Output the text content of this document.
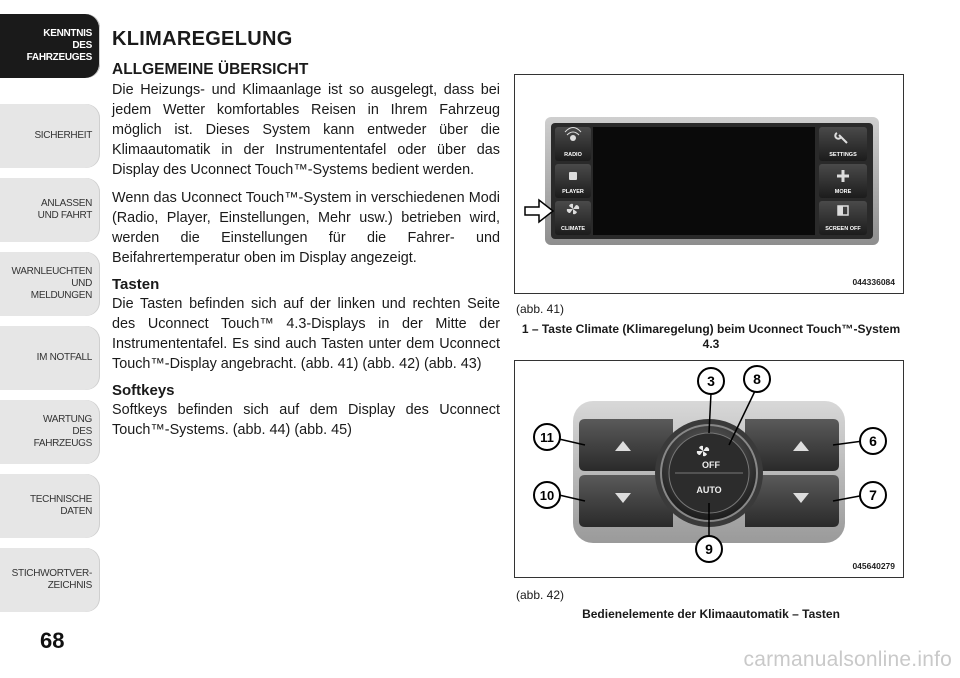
KENNTNIS
DES
FAHRZEUGES
SICHERHEIT
ANLASSEN
UND FAHRT
WARNLEUCHTEN
UND
MELDUNGEN
IM NOTFALL
WARTUNG
DES
FAHRZEUGS
TECHNISCHE
DATEN
STICHWORTVER-
ZEICHNIS
68
KLIMAREGELUNG
ALLGEMEINE ÜBERSICHT

Die Heizungs- und Klimaanlage ist so ausgelegt, dass bei jedem Wetter komfortables Reisen in Ihrem Fahrzeug möglich ist. Dieses System kann entweder über die Klimaautomatik in der Instrumententafel oder über das Display des Uconnect Touch™-Systems bedient werden.

Wenn das Uconnect Touch™-System in verschiedenen Modi (Radio, Player, Einstellungen, Mehr usw.) betrieben wird, werden die Einstellungen für die Fahrer- und Beifahrertemperatur oben im Display angezeigt.

Tasten

Die Tasten befinden sich auf der linken und rechten Seite des Uconnect Touch™ 4.3-Displays in der Mitte der Instrumententafel. Es sind auch Tasten unter dem Uconnect Touch™-Display angebracht. (abb. 41) (abb. 42) (abb. 43)

Softkeys

Softkeys befinden sich auf dem Display des Uconnect Touch™-Systems. (abb. 44) (abb. 45)

RADIO
PLAYER
CLIMATE
SETTINGS
MORE
SCREEN OFF
044336084
(abb. 41)
1 – Taste Climate (Klimaregelung) beim Uconnect Touch™-System 4.3
OFF
AUTO
3	8
11	6
10	7
9
045640279
(abb. 42)
Bedienelemente der Klimaautomatik – Tasten
carmanualsonline.info
